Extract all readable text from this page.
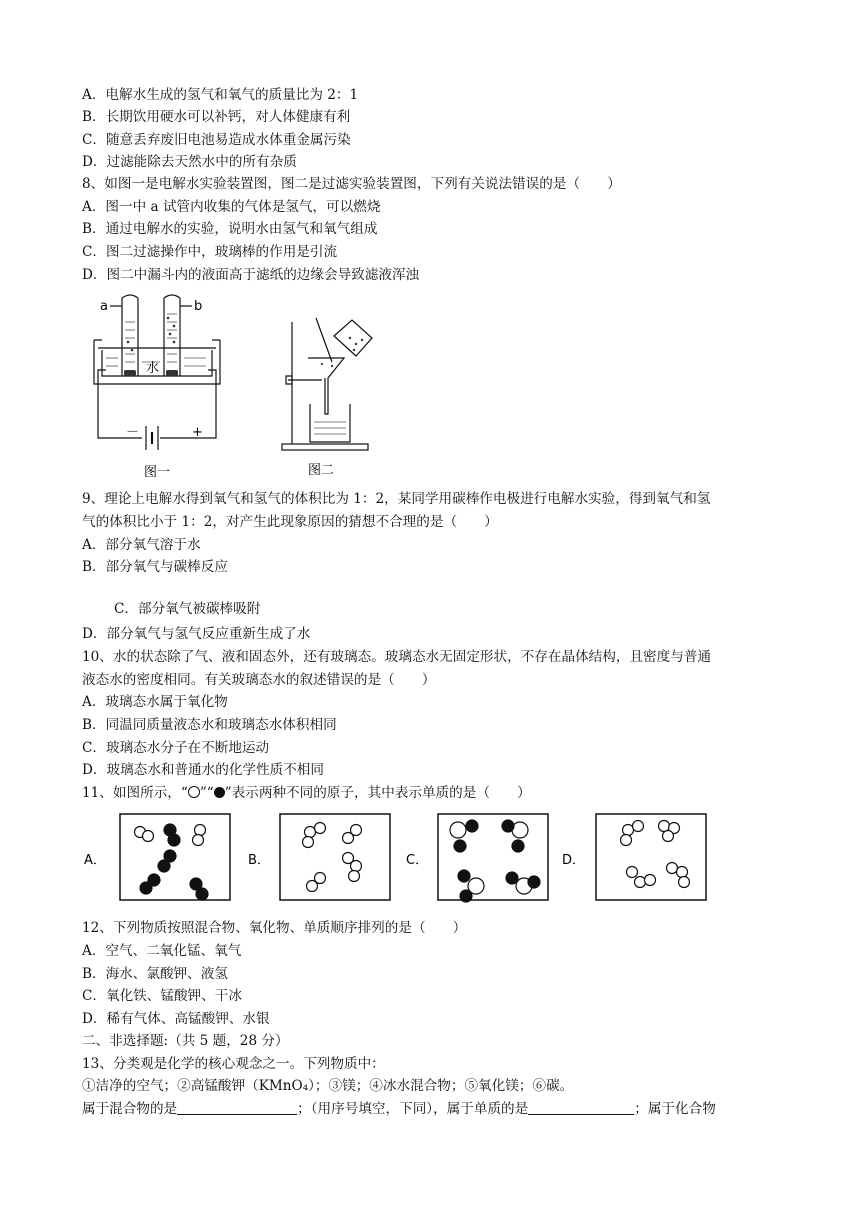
A．电解水生成的氢气和氧气的质量比为 2：1
B．长期饮用硬水可以补钙，对人体健康有利
C．随意丢弃废旧电池易造成水体重金属污染
D．过滤能除去天然水中的所有杂质
8、如图一是电解水实验装置图，图二是过滤实验装置图，下列有关说法错误的是（　　）
A．图一中 a 试管内收集的气体是氢气，可以燃烧
B．通过电解水的实验，说明水由氢气和氧气组成
C．图二过滤操作中，玻璃棒的作用是引流
D．图二中漏斗内的液面高于滤纸的边缘会导致滤液浑浊
a	b
水
－	+
图一	图二
9、理论上电解水得到氧气和氢气的体积比为 1：2，某同学用碳棒作电极进行电解水实验，得到氧气和氢
气的体积比小于 1：2，对产生此现象原因的猜想不合理的是（　　）
A．部分氧气溶于水
B．部分氧气与碳棒反应
C．部分氧气被碳棒吸附
D．部分氧气与氢气反应重新生成了水
10、水的状态除了气、液和固态外，还有玻璃态。玻璃态水无固定形状，不存在晶体结构，且密度与普通
液态水的密度相同。有关玻璃态水的叙述错误的是（　　）
A．玻璃态水属于氧化物
B．同温同质量液态水和玻璃态水体积相同
C．玻璃态水分子在不断地运动
D．玻璃态水和普通水的化学性质不相同
11、如图所示，“ ”“ ”表示两种不同的原子，其中表示单质的是（　　）
A．	B．	C．	D．
12、下列物质按照混合物、氧化物、单质顺序排列的是（　　）
A．空气、二氧化锰、氧气
B．海水、氯酸钾、液氢
C．氧化铁、锰酸钾、干冰
D．稀有气体、高锰酸钾、水银
二、非选择题:（共 5 题，28 分）
13、分类观是化学的核心观念之一。下列物质中：
①洁净的空气；②高锰酸钾（KMnO₄）；③镁；④冰水混合物；⑤氧化镁；⑥碳。
属于混合物的是	；（用序号填空，下同），属于单质的是	；属于化合物
